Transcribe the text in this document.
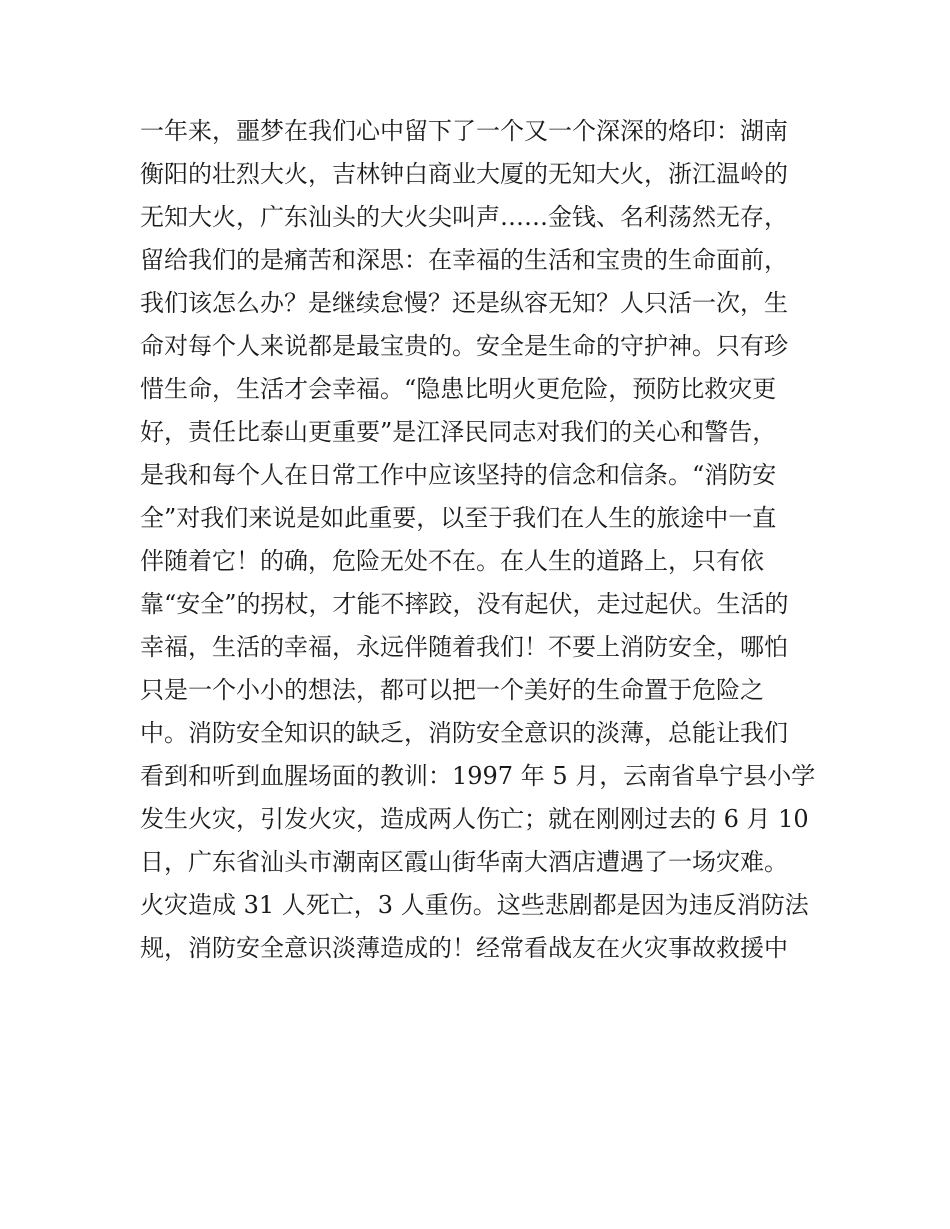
一年来，噩梦在我们心中留下了一个又一个深深的烙印：湖南
衡阳的壮烈大火，吉林钟白商业大厦的无知大火，浙江温岭的
无知大火，广东汕头的大火尖叫声……金钱、名利荡然无存，
留给我们的是痛苦和深思：在幸福的生活和宝贵的生命面前，
我们该怎么办？是继续怠慢？还是纵容无知？人只活一次，生
命对每个人来说都是最宝贵的。安全是生命的守护神。只有珍
惜生命，生活才会幸福。“隐患比明火更危险，预防比救灾更
好，责任比泰山更重要”是江泽民同志对我们的关心和警告，
是我和每个人在日常工作中应该坚持的信念和信条。“消防安
全”对我们来说是如此重要，以至于我们在人生的旅途中一直
伴随着它！的确，危险无处不在。在人生的道路上，只有依
靠“安全”的拐杖，才能不摔跤，没有起伏，走过起伏。生活的
幸福，生活的幸福，永远伴随着我们！不要上消防安全，哪怕
只是一个小小的想法，都可以把一个美好的生命置于危险之
中。消防安全知识的缺乏，消防安全意识的淡薄，总能让我们
看到和听到血腥场面的教训：1997 年 5 月，云南省阜宁县小学
发生火灾，引发火灾，造成两人伤亡；就在刚刚过去的 6 月 10
日，广东省汕头市潮南区霞山街华南大酒店遭遇了一场灾难。
火灾造成 31 人死亡，3 人重伤。这些悲剧都是因为违反消防法
规，消防安全意识淡薄造成的！经常看战友在火灾事故救援中
